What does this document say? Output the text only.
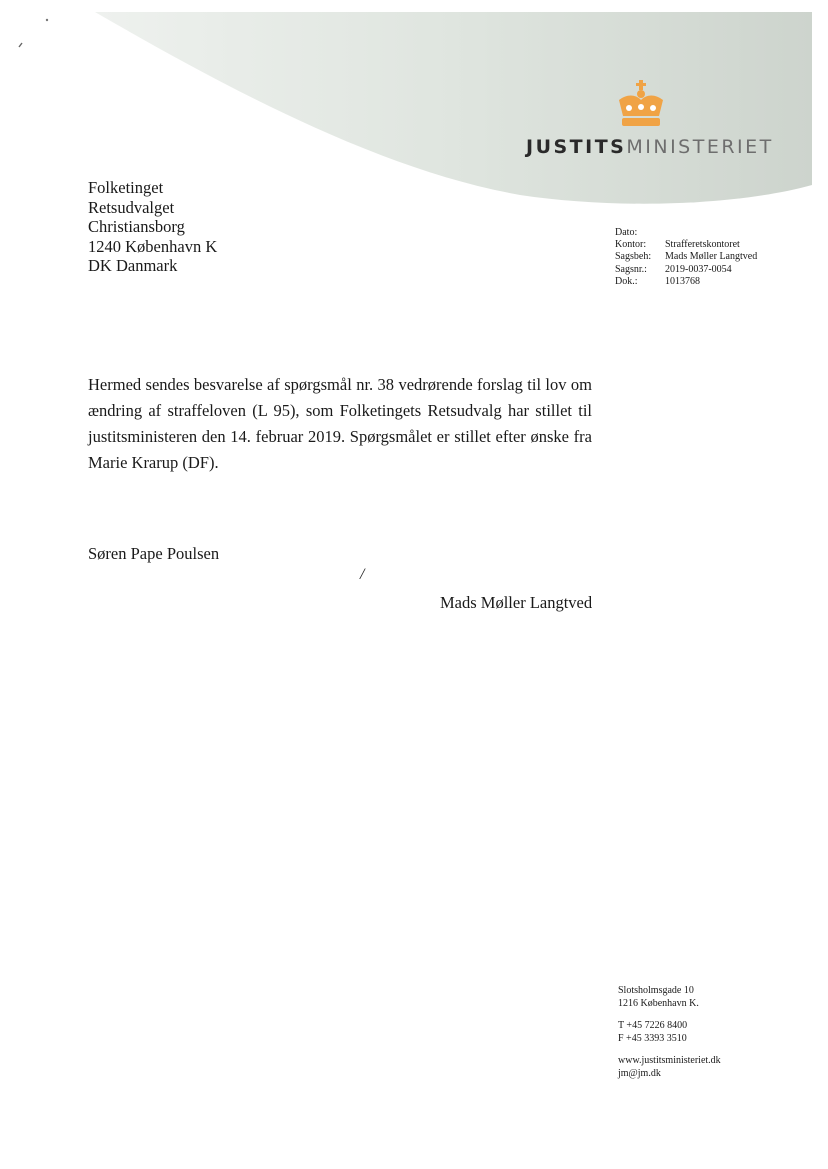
JUSTITSMINISTERIET
Folketinget
Retsudvalget
Christiansborg
1240 København K
DK Danmark
Dato:	
Kontor:	Strafferetskontoret
Sagsbeh:	Mads Møller Langtved
Sagsnr.:	2019-0037-0054
Dok.:	1013768

Hermed sendes besvarelse af spørgsmål nr. 38 vedrørende forslag til lov om ændring af straffeloven (L 95), som Folketingets Retsudvalg har stillet til justitsministeren den 14. februar 2019. Spørgsmålet er stillet efter ønske fra Marie Krarup (DF).

Søren Pape Poulsen
/
Mads Møller Langtved
Slotsholmsgade 10
1216 København K.
T +45 7226 8400
F +45 3393 3510
www.justitsministeriet.dk
jm@jm.dk
